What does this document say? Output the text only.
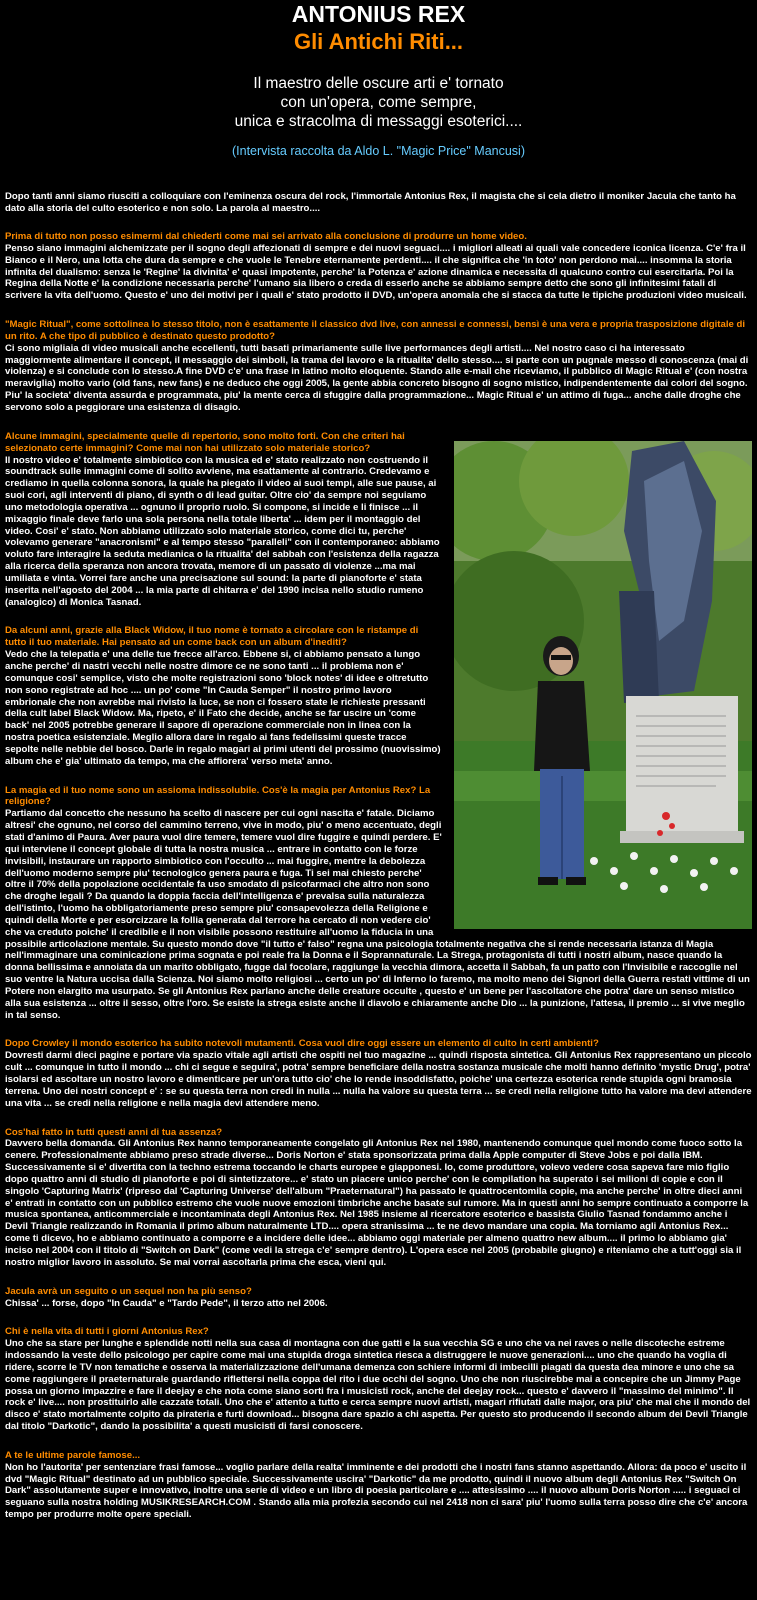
ANTONIUS REX
Gli Antichi Riti...
Il maestro delle oscure arti e' tornato
con un'opera, come sempre,
unica e stracolma di messaggi esoterici....
(Intervista raccolta da Aldo L. "Magic Price" Mancusi)
Dopo tanti anni siamo riusciti a colloquiare con l'eminenza oscura del rock, l'immortale Antonius Rex, il magista che si cela dietro il moniker Jacula che tanto ha dato alla storia del culto esoterico e non solo. La parola al maestro....
Prima di tutto non posso esimermi dal chiederti come mai sei arrivato alla conclusione di produrre un home video.
Penso siano immagini alchemizzate per il sogno degli affezionati di sempre e dei nuovi seguaci.... i migliori alleati ai quali vale concedere iconica licenza. C'e' fra il Bianco e il Nero, una lotta che dura da sempre e che vuole le Tenebre eternamente perdenti.... il che significa che 'in toto' non perdono mai.... insomma la storia infinita del dualismo: senza le 'Regine' la divinita' e' quasi impotente, perche' la Potenza e' azione dinamica e necessita di qualcuno contro cui esercitarla. Poi la Regina della Notte e' la condizione necessaria perche' l'umano sia libero o creda di esserlo anche se abbiamo sempre detto che sono gli infinitesimi fatali di scrivere la vita dell'uomo. Questo e' uno dei motivi per i quali e' stato prodotto il DVD, un'opera anomala che si stacca da tutte le tipiche produzioni video musicali.
"Magic Ritual", come sottolinea lo stesso titolo, non è esattamente il classico dvd live, con annessi e connessi, bensì è una vera e propria trasposizione digitale di un rito. A che tipo di pubblico è destinato questo prodotto?
Ci sono migliaia di video musicali anche eccellenti, tutti basati primariamente sulle live performances degli artisti.... Nel nostro caso ci ha interessato maggiormente alimentare il concept, il messaggio dei simboli, la trama del lavoro e la ritualita' dello stesso.... si parte con un pugnale messo di conoscenza (mai di violenza) e si conclude con lo stesso.A fine DVD c'e' una frase in latino molto eloquente. Stando alle e-mail che riceviamo, il pubblico di Magic Ritual e' (con nostra meraviglia) molto vario (old fans, new fans) e ne deduco che oggi 2005, la gente abbia concreto bisogno di sogno mistico, indipendentemente dai colori del sogno. Piu' la societa' diventa assurda e programmata, piu' la mente cerca di sfuggire dalla programmazione... Magic Ritual e' un attimo di fuga... anche dalle droghe che servono solo a peggiorare una esistenza di disagio.
Alcune immagini, specialmente quelle di repertorio, sono molto forti. Con che criteri hai selezionato certe immagini? Come mai non hai utilizzato solo materiale storico?
Il nostro video e' totalmente simbiotico con la musica ed e' stato realizzato non costruendo il soundtrack sulle immagini come di solito avviene, ma esattamente al contrario. Credevamo e crediamo in quella colonna sonora, la quale ha piegato il video ai suoi tempi, alle sue pause, ai suoi cori, agli interventi di piano, di synth o di lead guitar. Oltre cio' da sempre noi seguiamo uno metodologia operativa ... ognuno il proprio ruolo. Si compone, si incide e li finisce ... il mixaggio finale deve farlo una sola persona nella totale liberta' ... idem per il montaggio del video. Cosi' e' stato. Non abbiamo utilizzato solo materiale storico, come dici tu, perche' volevamo generare "anacronismi" e al tempo stesso "paralleli" con il contemporaneo: abbiamo voluto fare interagire la seduta medianica o la ritualita' del sabbah con l'esistenza della ragazza alla ricerca della speranza non ancora trovata, memore di un passato di violenze ...ma mai umiliata e vinta. Vorrei fare anche una precisazione sul sound: la parte di pianoforte e' stata inserita nell'agosto del 2004 ... la mia parte di chitarra e' del 1990 incisa nello studio rumeno (analogico) di Monica Tasnad.
Da alcuni anni, grazie alla Black Widow, il tuo nome è tornato a circolare con le ristampe di tutto il tuo materiale. Hai pensato ad un come back con un album d'inediti?
Vedo che la telepatia e' una delle tue frecce all'arco. Ebbene si, ci abbiamo pensato a lungo anche perche' di nastri vecchi nelle nostre dimore ce ne sono tanti ... il problema non e' comunque cosi' semplice, visto che molte registrazioni sono 'block notes' di idee e oltretutto non sono registrate ad hoc .... un po' come "In Cauda Semper" il nostro primo lavoro embrionale che non avrebbe mai rivisto la luce, se non ci fossero state le richieste pressanti della cult label Black Widow. Ma, ripeto, e' il Fato che decide, anche se far uscire un 'come back' nel 2005 potrebbe generare il sapore di operazione commerciale non in linea con la nostra poetica esistenziale. Meglio allora dare in regalo ai fans fedelissimi queste tracce sepolte nelle nebbie del bosco. Darle in regalo magari ai primi utenti del prossimo (nuovissimo) album che e' gia' ultimato da tempo, ma che affiorera' verso meta' anno.
La magia ed il tuo nome sono un assioma indissolubile. Cos'è la magia per Antonius Rex? La religione?
Partiamo dal concetto che nessuno ha scelto di nascere per cui ogni nascita e' fatale. Diciamo altresi' che ognuno, nel corso del cammino terreno, vive in modo, piu' o meno accentuato, degli stati d'animo di Paura. Aver paura vuol dire temere, temere vuol dire fuggire e quindi perdere. E' qui interviene il concept globale di tutta la nostra musica ... entrare in contatto con le forze invisibili, instaurare un rapporto simbiotico con l'occulto ... mai fuggire, mentre la debolezza dell'uomo moderno sempre piu' tecnologico genera paura e fuga. Ti sei mai chiesto perche' oltre il 70% della popolazione occidentale fa uso smodato di psicofarmaci che altro non sono che droghe legali ? Da quando la doppia faccia dell'intelligenza e' prevalsa sulla naturalezza dell'istinto, l'uomo ha obbligatoriamente preso sempre piu' consapevolezza della Religione e quindi della Morte e per esorcizzare la follia generata dal terrore ha cercato di non vedere cio' che va creduto poiche' il credibile e il non visibile possono restituire all'uomo la fiducia in una possibile articolazione mentale. Su questo mondo dove "il tutto e' falso" regna una psicologia totalmente negativa che si rende necessaria istanza di Magia nell'immaginare una cominicazione prima sognata e poi reale fra la Donna e il Soprannaturale. La Strega, protagonista di tutti i nostri album, nasce quando la donna bellissima e annoiata da un marito obbligato, fugge dal focolare, raggiunge la vecchia dimora, accetta il Sabbah, fa un patto con l'Invisibile e raccoglie nel suo ventre la Natura uccisa dalla Scienza. Noi siamo molto religiosi ... certo un po' di Inferno lo faremo, ma molto meno dei Signori della Guerra restati vittime di un Potere non elargito ma usurpato. Se gli Antonius Rex parlano anche delle creature occulte , questo e' un bene per l'ascoltatore che potra' dare un senso mistico alla sua esistenza ... oltre il sesso, oltre l'oro. Se esiste la strega esiste anche il diavolo e chiaramente anche Dio ... la punizione, l'attesa, il premio ... si vive meglio in tal senso.
Dopo Crowley il mondo esoterico ha subito notevoli mutamenti. Cosa vuol dire oggi essere un elemento di culto in certi ambienti?
Dovresti darmi dieci pagine e portare via spazio vitale agli artisti che ospiti nel tuo magazine ... quindi risposta sintetica. Gli Antonius Rex rappresentano un piccolo cult ... comunque in tutto il mondo ... chi ci segue e seguira', potra' sempre beneficiare della nostra sostanza musicale che molti hanno definito 'mystic Drug', potra' isolarsi ed ascoltare un nostro lavoro e dimenticare per un'ora tutto cio' che lo rende insoddisfatto, poiche' una certezza esoterica rende stupida ogni bramosia terrena. Uno dei nostri concept e' : se su questa terra non credi in nulla ... nulla ha valore su questa terra ... se credi nella religione tutto ha valore ma devi attendere una vita ... se credi nella religione e nella magia devi attendere meno.
Cos'hai fatto in tutti questi anni di tua assenza?
Davvero bella domanda. Gli Antonius Rex hanno temporaneamente congelato gli Antonius Rex nel 1980, mantenendo comunque quel mondo come fuoco sotto la cenere. Professionalmente abbiamo preso strade diverse... Doris Norton e' stata sponsorizzata prima dalla Apple computer di Steve Jobs e poi dalla IBM. Successivamente si e' divertita con la techno estrema toccando le charts europee e giapponesi. Io, come produttore, volevo vedere cosa sapeva fare mio figlio dopo quattro anni di studio di pianoforte e poi di sintetizzatore... e' stato un piacere unico perche' con le compilation ha superato i sei milioni di copie e con il singolo 'Capturing Matrix' (ripreso dal 'Capturing Universe' dell'album "Praeternatural") ha passato le quattrocentomila copie, ma anche perche' in oltre dieci anni e' entrati in contatto con un pubblico estremo che vuole nuove emozioni timbriche anche basate sul rumore. Ma in questi anni ho sempre continuato a comporre la musica spontanea, anticommerciale e incontaminata degli Antonius Rex. Nel 1985 insieme al ricercatore esoterico e bassista Giulio Tasnad fondammo anche i Devil Triangle realizzando in Romania il primo album naturalmente LTD.... opera stranissima ... te ne devo mandare una copia. Ma torniamo agli Antonius Rex... come ti dicevo, ho e abbiamo continuato a comporre e a incidere delle idee... abbiamo oggi materiale per almeno quattro new album.... il primo lo abbiamo gia' inciso nel 2004 con il titolo di "Switch on Dark" (come vedi la strega c'e' sempre dentro). L'opera esce nel 2005 (probabile giugno) e riteniamo che a tutt'oggi sia il nostro miglior lavoro in assoluto. Se mai vorrai ascoltarla prima che esca, vieni qui.
Jacula avrà un seguito o un sequel non ha più senso?
Chissa' ... forse, dopo "In Cauda" e "Tardo Pede", il terzo atto nel 2006.
Chi è nella vita di tutti i giorni Antonius Rex?
Uno che sa stare per lunghe e splendide notti nella sua casa di montagna con due gatti e la sua vecchia SG e uno che va nei raves o nelle discoteche estreme indossando la veste dello psicologo per capire come mai una stupida droga sintetica riesca a distruggere le nuove generazioni.... uno che quando ha voglia di ridere, scorre le TV non tematiche e osserva la materializzazione dell'umana demenza con schiere informi di imbecilli piagati da questa dea minore e uno che sa come raggiungere il praeternaturale guardando riflettersi nella coppa del rito i due occhi del sogno. Uno che non riuscirebbe mai a concepire che un Jimmy Page possa un giorno impazzire e fare il deejay e che nota come siano sorti fra i musicisti rock, anche dei deejay rock... questo e' davvero il "massimo del minimo". Il rock e' live.... non prostituirlo alle cazzate totali. Uno che e' attento a tutto e cerca sempre nuovi artisti, magari rifiutati dalle major, ora piu' che mai che il mondo del disco e' stato mortalmente colpito da pirateria e furti download... bisogna dare spazio a chi aspetta. Per questo sto producendo il secondo album dei Devil Triangle dal titolo "Darkotic", dando la possibilita' a questi musicisti di farsi conoscere.
A te le ultime parole famose...
Non ho l'autorita' per sentenziare frasi famose... voglio parlare della realta' imminente e dei prodotti che i nostri fans stanno aspettando. Allora: da poco e' uscito il dvd "Magic Ritual" destinato ad un pubblico speciale. Successivamente uscira' "Darkotic" da me prodotto, quindi il nuovo album degli Antonius Rex "Switch On Dark" assolutamente super e innovativo, inoltre una serie di video e un libro di poesia particolare e .... attesissimo .... il nuovo album Doris Norton ..... i seguaci ci seguano sulla nostra holding MUSIKRESEARCH.COM . Stando alla mia profezia secondo cui nel 2418 non ci sara' piu' l'uomo sulla terra posso dire che c'e' ancora tempo per produrre molte opere speciali.
